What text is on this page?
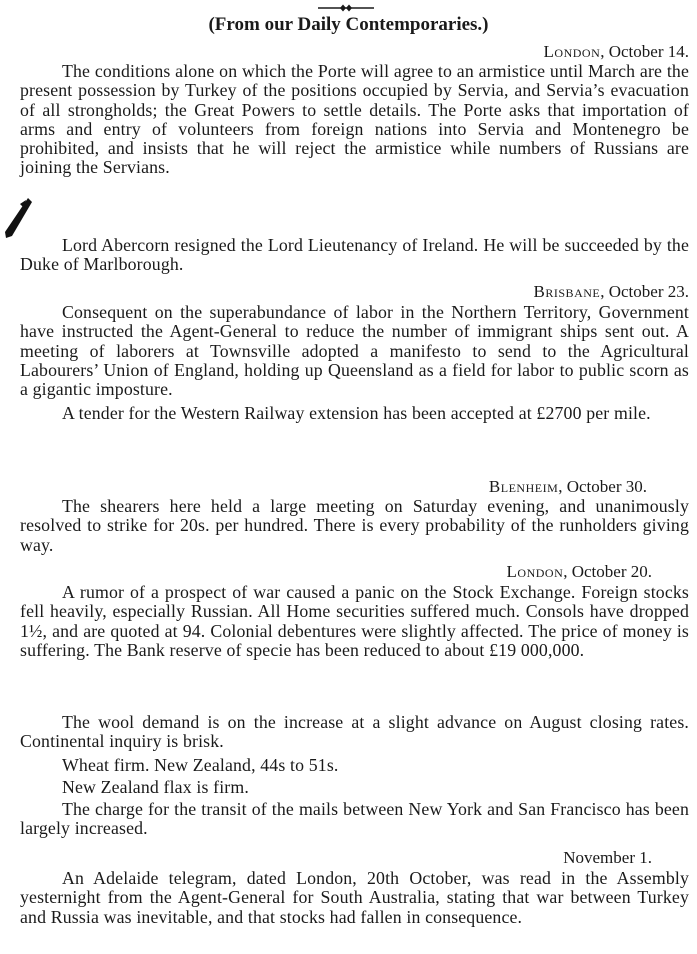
(From our Daily Contemporaries.)
London, October 14.

The conditions alone on which the Porte will agree to an armistice until March are the present possession by Turkey of the positions occupied by Servia, and Servia’s evacuation of all strongholds; the Great Powers to settle details. The Porte asks that importation of arms and entry of volunteers from foreign nations into Servia and Montenegro be prohibited, and insists that he will reject the armistice while numbers of Russians are joining the Servians.

Lord Abercorn resigned the Lord Lieutenancy of Ireland. He will be succeeded by the Duke of Marlborough.

Brisbane, October 23.

Consequent on the superabundance of labor in the Northern Territory, Government have instructed the Agent-General to reduce the number of immigrant ships sent out. A meeting of laborers at Townsville adopted a manifesto to send to the Agricultural Labourers’ Union of England, holding up Queensland as a field for labor to public scorn as a gigantic imposture.

A tender for the Western Railway extension has been accepted at £2700 per mile.

Blenheim, October 30.

The shearers here held a large meeting on Saturday evening, and unanimously resolved to strike for 20s. per hundred. There is every probability of the runholders giving way.

London, October 20.

A rumor of a prospect of war caused a panic on the Stock Exchange. Foreign stocks fell heavily, especially Russian. All Home securities suffered much. Consols have dropped 1½, and are quoted at 94. Colonial debentures were slightly affected. The price of money is suffering. The Bank reserve of specie has been reduced to about £19 000,000.

The wool demand is on the increase at a slight advance on August closing rates. Continental inquiry is brisk.

Wheat firm. New Zealand, 44s to 51s.

New Zealand flax is firm.

The charge for the transit of the mails between New York and San Francisco has been largely increased.

November 1.

An Adelaide telegram, dated London, 20th October, was read in the Assembly yesternight from the Agent-General for South Australia, stating that war between Turkey and Russia was inevitable, and that stocks had fallen in consequence.
